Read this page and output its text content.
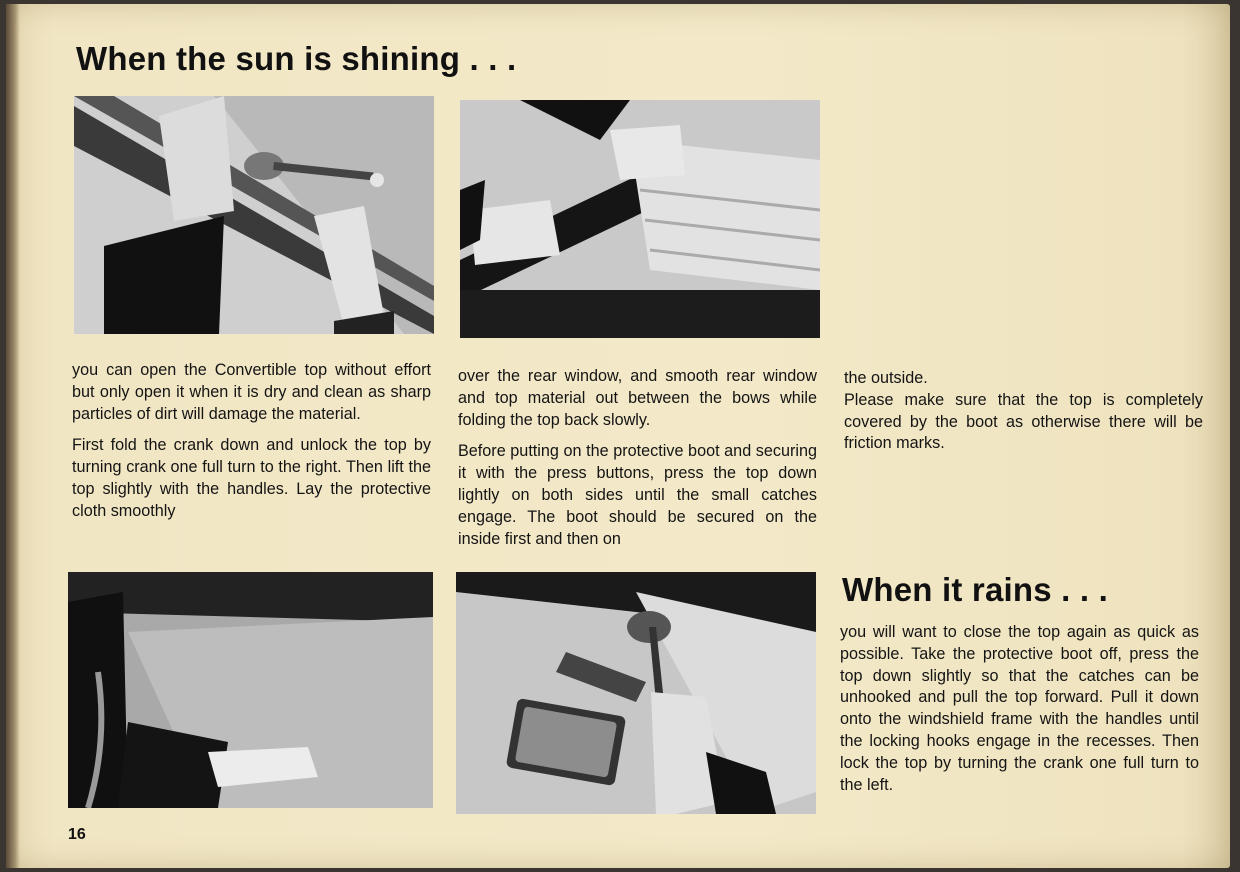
When the sun is shining . . .

you can open the Convertible top without effort but only open it when it is dry and clean as sharp particles of dirt will damage the material.

First fold the crank down and unlock the top by turning crank one full turn to the right. Then lift the top slightly with the handles. Lay the protective cloth smoothly

over the rear window, and smooth rear window and top material out between the bows while folding the top back slowly.

Before putting on the protective boot and securing it with the press buttons, press the top down lightly on both sides until the small catches engage. The boot should be secured on the inside first and then on

the outside.

Please make sure that the top is completely covered by the boot as otherwise there will be friction marks.

When it rains . . .

you will want to close the top again as quick as possible. Take the protective boot off, press the top down slightly so that the catches can be unhooked and pull the top forward. Pull it down onto the windshield frame with the handles until the locking hooks engage in the recesses. Then lock the top by turning the crank one full turn to the left.

16
